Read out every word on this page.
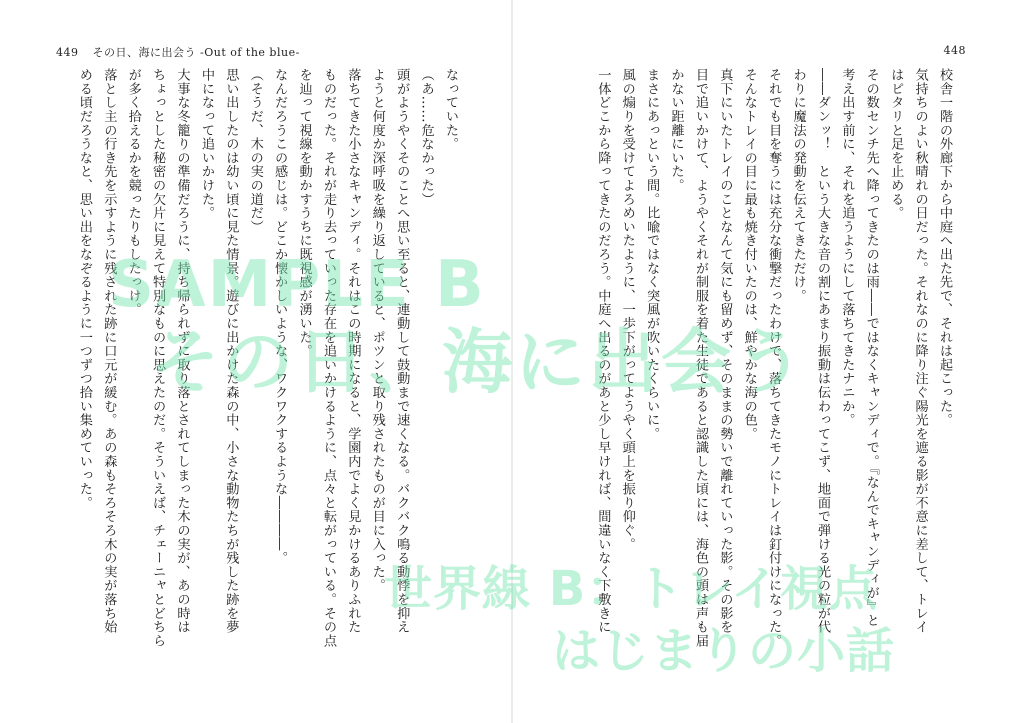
449 その日、海に出会う -Out of the blue-
なっていた。
（あ……危なかった）
頭がようやくそのことへ思い至ると、連動して鼓動まで速くなる。バクバク鳴る動悸を抑え
ようと何度か深呼吸を繰り返していると、ポツンと取り残されたものが目に入った。
落ちてきた小さなキャンディ。それはこの時期になると、学園内でよく見かけるありふれた
ものだった。それが走り去っていった存在を追いかけるように、点々と転がっている。その点
を辿って視線を動かすうちに既視感が湧いた。
なんだろうこの感じは。どこか懐かしいような、ワクワクするような――――。
（そうだ、木の実の道だ）
思い出したのは幼い頃に見た情景。遊びに出かけた森の中、小さな動物たちが残した跡を夢
中になって追いかけた。
大事な冬籠りの準備だろうに、持ち帰られずに取り落とされてしまった木の実が、あの時は
ちょっとした秘密の欠片に見えて特別なものに思えたのだ。そういえば、チェーニャとどちら
が多く拾えるかを競ったりもしたっけ。
落とし主の行き先を示すように残された跡に口元が緩む。あの森もそろそろ木の実が落ち始
める頃だろうなと、思い出をなぞるように一つずつ拾い集めていった。
448
校舎一階の外廊下から中庭へ出た先で、それは起こった。
気持ちのよい秋晴れの日だった。それなのに降り注ぐ陽光を遮る影が不意に差して、トレイ
はピタリと足を止める。
その数センチ先へ降ってきたのは雨――ではなくキャンディで。『なんでキャンディが』と
考え出す前に、それを追うようにして落ちてきたナニか。
――ダンッ！　という大きな音の割にあまり振動は伝わってこず、地面で弾ける光の粒が代
わりに魔法の発動を伝えてきただけ。
それでも目を奪うには充分な衝撃だったわけで、落ちてきたモノにトレイは釘付けになった。
そんなトレイの目に最も焼き付いたのは、鮮やかな海の色。
真下にいたトレイのことなんて気にも留めず、そのままの勢いで離れていった影。その影を
目で追いかけて、ようやくそれが制服を着た生徒であると認識した頃には、海色の頭は声も届
かない距離にいた。
まさにあっという間。比喩ではなく突風が吹いたくらいに。
風の煽りを受けてよろめいたように、一歩下がってようやく頭上を振り仰ぐ。
一体どこから降ってきたのだろう。中庭へ出るのがあと少し早ければ、間違いなく下敷きに
SAMPLE B
その日、海に出会う
世界線 B：トレイ視点
はじまりの小話
